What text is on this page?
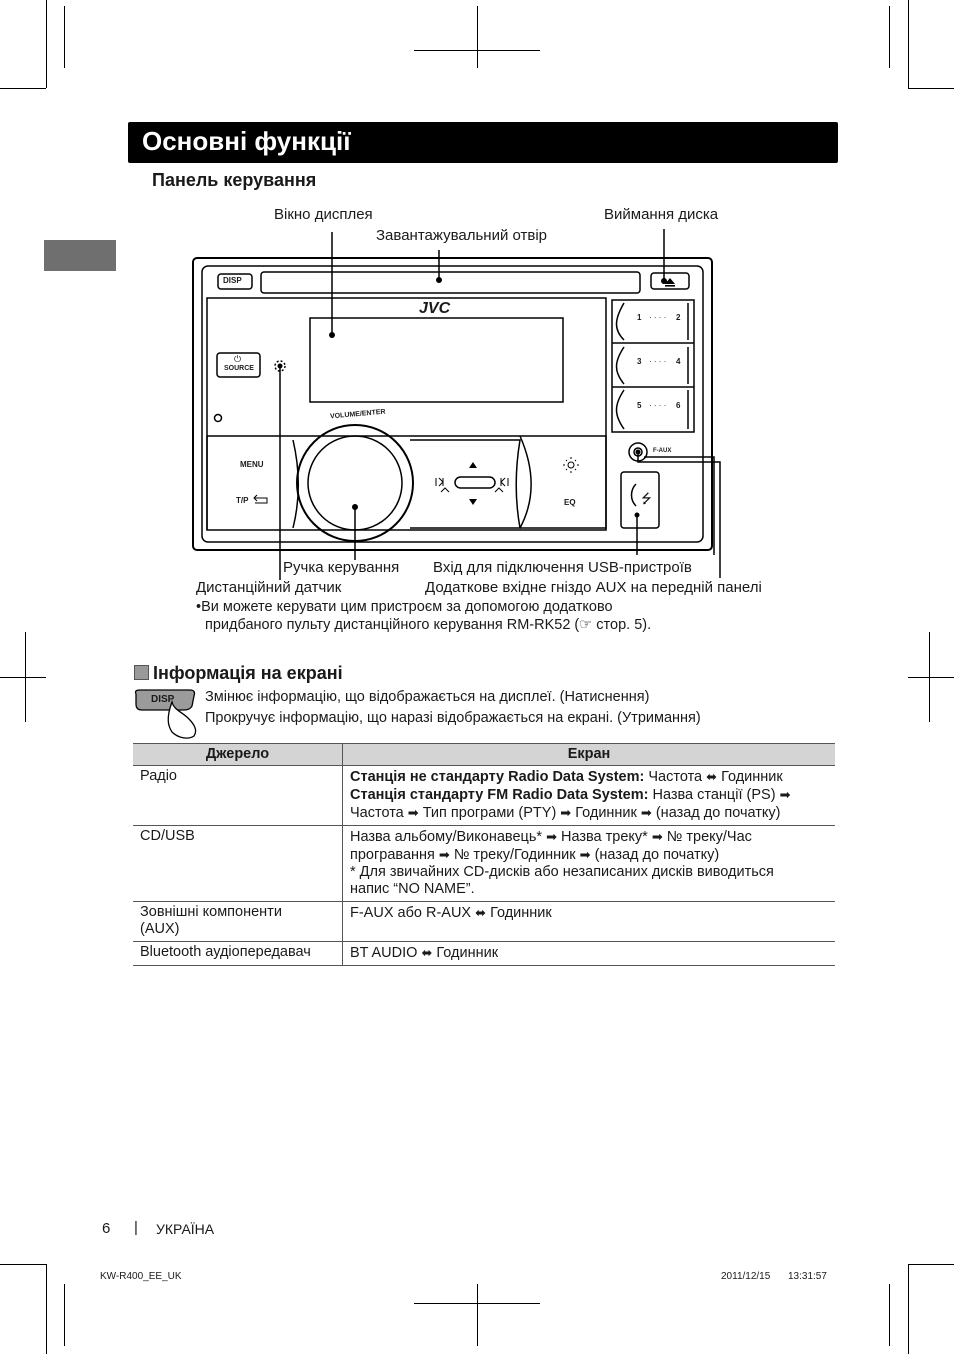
Основні функції
Панель керування
Вікно дисплея
Завантажувальний отвір
Виймання диска
Ручка керування
Дистанційний датчик
Вхід для підключення USB-пристроїв
Додаткове вхідне гніздо AUX на передній панелі
DISP
JVC
⏻
SOURCE
VOLUME/ENTER
MENU
T/P	EQ
F-AUX
1 · · · · 2
3 · · · · 4
5 · · · · 6
⭍
•Ви можете керувати цим пристроєм за допомогою додатково
придбаного пульту дистанційного керування RM-RK52 (☞ стор. 5).
Інформація на екрані
DISP Змінює інформацію, що відображається на дисплеї. (Натиснення)
Прокручує інформацію, що наразі відображається на екрані. (Утримання)
Джерело	Екран
Радіо	Станція не стандарту Radio Data System: Частота ⬌ Годинник
Станція стандарту FM Radio Data System: Назва станції (PS) ➡
Частота ➡ Тип програми (PTY) ➡ Годинник ➡ (назад до початку)
CD/USB	Назва альбому/Виконавець* ➡ Назва треку* ➡ № треку/Час
програвання ➡ № треку/Годинник ➡ (назад до початку)
* Для звичайних CD-дисків або незаписаних дисків виводиться
напис “NO NAME”.
Зовнішні компоненти
(AUX)	F-AUX або R-AUX ⬌ Годинник
Bluetooth аудіопередавач	BT AUDIO ⬌ Годинник
6 | УКРАЇНА
KW-R400_EE_UK	2011/12/15 13:31:57
